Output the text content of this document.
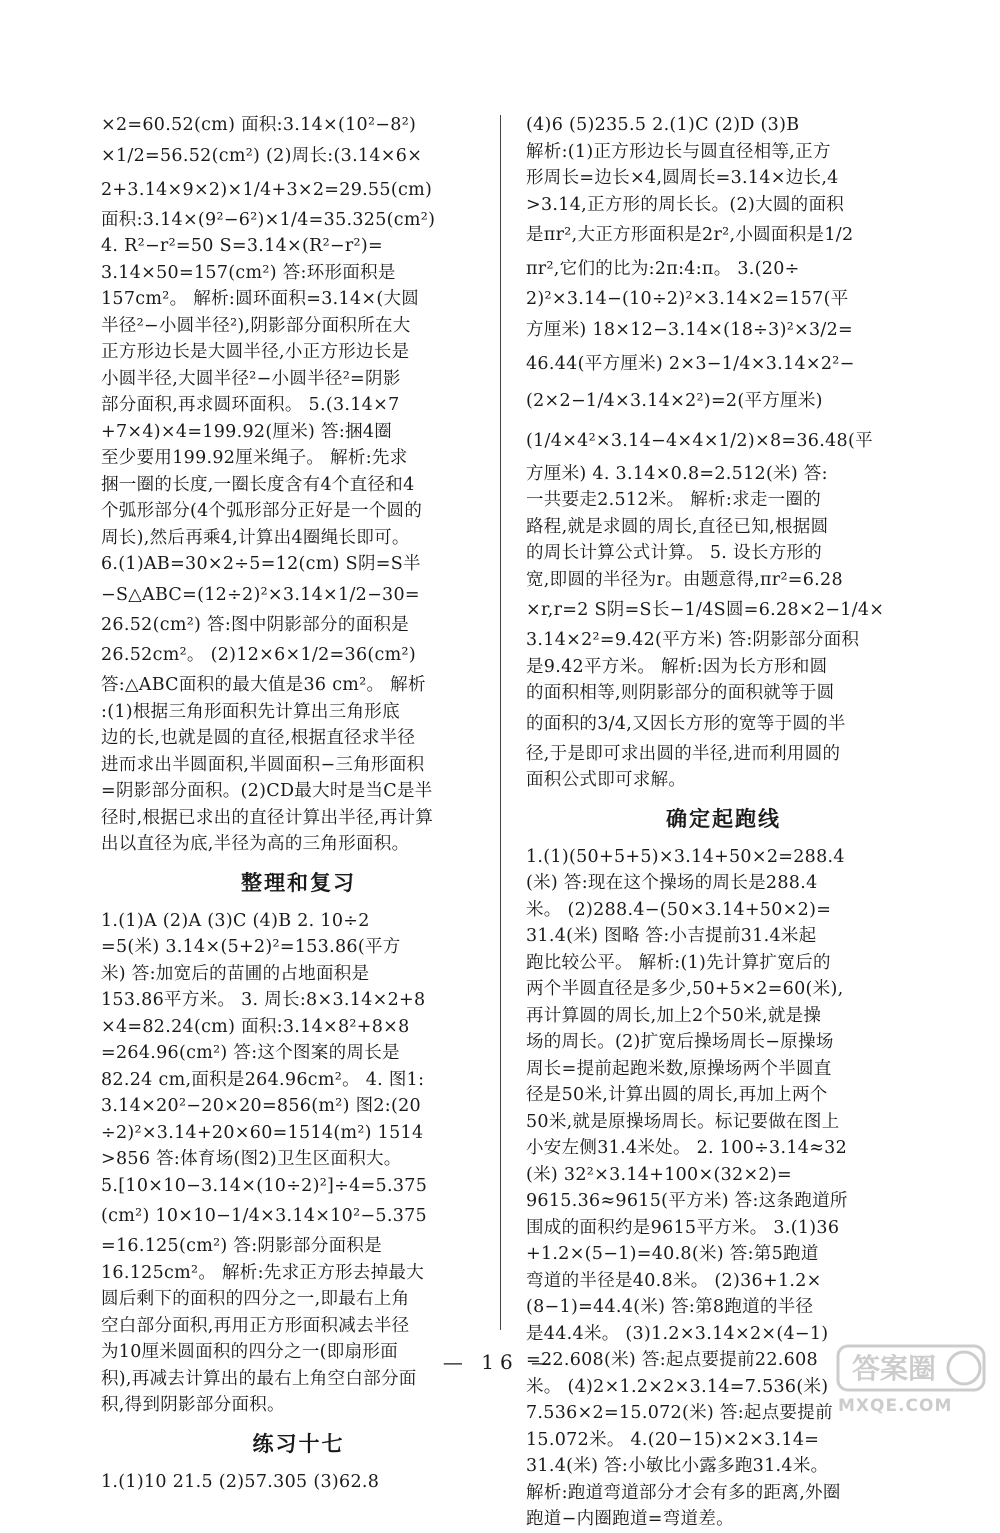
×2=60.52(cm) 面积:3.14×(10²−8²)

×1/2=56.52(cm²) (2)周长:(3.14×6×

2+3.14×9×2)×1/4+3×2=29.55(cm)

面积:3.14×(9²−6²)×1/4=35.325(cm²)

4. R²−r²=50 S=3.14×(R²−r²)=

3.14×50=157(cm²) 答:环形面积是

157cm²。 解析:圆环面积=3.14×(大圆

半径²−小圆半径²),阴影部分面积所在大

正方形边长是大圆半径,小正方形边长是

小圆半径,大圆半径²−小圆半径²=阴影

部分面积,再求圆环面积。 5.(3.14×7

+7×4)×4=199.92(厘米) 答:捆4圈

至少要用199.92厘米绳子。 解析:先求

捆一圈的长度,一圈长度含有4个直径和4

个弧形部分(4个弧形部分正好是一个圆的

周长),然后再乘4,计算出4圈绳长即可。

6.(1)AB=30×2÷5=12(cm) S阴=S半

−S△ABC=(12÷2)²×3.14×1/2−30=

26.52(cm²) 答:图中阴影部分的面积是

26.52cm²。 (2)12×6×1/2=36(cm²)

答:△ABC面积的最大值是36 cm²。 解析

:(1)根据三角形面积先计算出三角形底

边的长,也就是圆的直径,根据直径求半径

进而求出半圆面积,半圆面积−三角形面积

=阴影部分面积。(2)CD最大时是当C是半

径时,根据已求出的直径计算出半径,再计算

出以直径为底,半径为高的三角形面积。

整理和复习

1.(1)A (2)A (3)C (4)B 2. 10÷2

=5(米) 3.14×(5+2)²=153.86(平方

米) 答:加宽后的苗圃的占地面积是

153.86平方米。 3. 周长:8×3.14×2+8

×4=82.24(cm) 面积:3.14×8²+8×8

=264.96(cm²) 答:这个图案的周长是

82.24 cm,面积是264.96cm²。 4. 图1:

3.14×20²−20×20=856(m²) 图2:(20

÷2)²×3.14+20×60=1514(m²) 1514

>856 答:体育场(图2)卫生区面积大。

5.[10×10−3.14×(10÷2)²]÷4=5.375

(cm²) 10×10−1/4×3.14×10²−5.375

=16.125(cm²) 答:阴影部分面积是

16.125cm²。 解析:先求正方形去掉最大

圆后剩下的面积的四分之一,即最右上角

空白部分面积,再用正方形面积减去半径

为10厘米圆面积的四分之一(即扇形面

积),再减去计算出的最右上角空白部分面

积,得到阴影部分面积。

练习十七

1.(1)10 21.5 (2)57.305 (3)62.8

(4)6 (5)235.5 2.(1)C (2)D (3)B

解析:(1)正方形边长与圆直径相等,正方

形周长=边长×4,圆周长=3.14×边长,4

>3.14,正方形的周长长。(2)大圆的面积

是πr²,大正方形面积是2r²,小圆面积是1/2

πr²,它们的比为:2π:4:π。 3.(20÷

2)²×3.14−(10÷2)²×3.14×2=157(平

方厘米) 18×12−3.14×(18÷3)²×3/2=

46.44(平方厘米) 2×3−1/4×3.14×2²−

(2×2−1/4×3.14×2²)=2(平方厘米)

(1/4×4²×3.14−4×4×1/2)×8=36.48(平

方厘米) 4. 3.14×0.8=2.512(米) 答:

一共要走2.512米。 解析:求走一圈的

路程,就是求圆的周长,直径已知,根据圆

的周长计算公式计算。 5. 设长方形的

宽,即圆的半径为r。由题意得,πr²=6.28

×r,r=2 S阴=S长−1/4S圆=6.28×2−1/4×

3.14×2²=9.42(平方米) 答:阴影部分面积

是9.42平方米。 解析:因为长方形和圆

的面积相等,则阴影部分的面积就等于圆

的面积的3/4,又因长方形的宽等于圆的半

径,于是即可求出圆的半径,进而利用圆的

面积公式即可求解。

确定起跑线

1.(1)(50+5+5)×3.14+50×2=288.4

(米) 答:现在这个操场的周长是288.4

米。 (2)288.4−(50×3.14+50×2)=

31.4(米) 图略 答:小吉提前31.4米起

跑比较公平。 解析:(1)先计算扩宽后的

两个半圆直径是多少,50+5×2=60(米),

再计算圆的周长,加上2个50米,就是操

场的周长。(2)扩宽后操场周长−原操场

周长=提前起跑米数,原操场两个半圆直

径是50米,计算出圆的周长,再加上两个

50米,就是原操场周长。标记要做在图上

小安左侧31.4米处。 2. 100÷3.14≈32

(米) 32²×3.14+100×(32×2)=

9615.36≈9615(平方米) 答:这条跑道所

围成的面积约是9615平方米。 3.(1)36

+1.2×(5−1)=40.8(米) 答:第5跑道

弯道的半径是40.8米。 (2)36+1.2×

(8−1)=44.4(米) 答:第8跑道的半径

是44.4米。 (3)1.2×3.14×2×(4−1)

=22.608(米) 答:起点要提前22.608

米。 (4)2×1.2×2×3.14=7.536(米)

7.536×2=15.072(米) 答:起点要提前

15.072米。 4.(20−15)×2×3.14=

31.4(米) 答:小敏比小露多跑31.4米。

解析:跑道弯道部分才会有多的距离,外圈

跑道−内圈跑道=弯道差。

— 16 —	答案圈
MXQE.COM
